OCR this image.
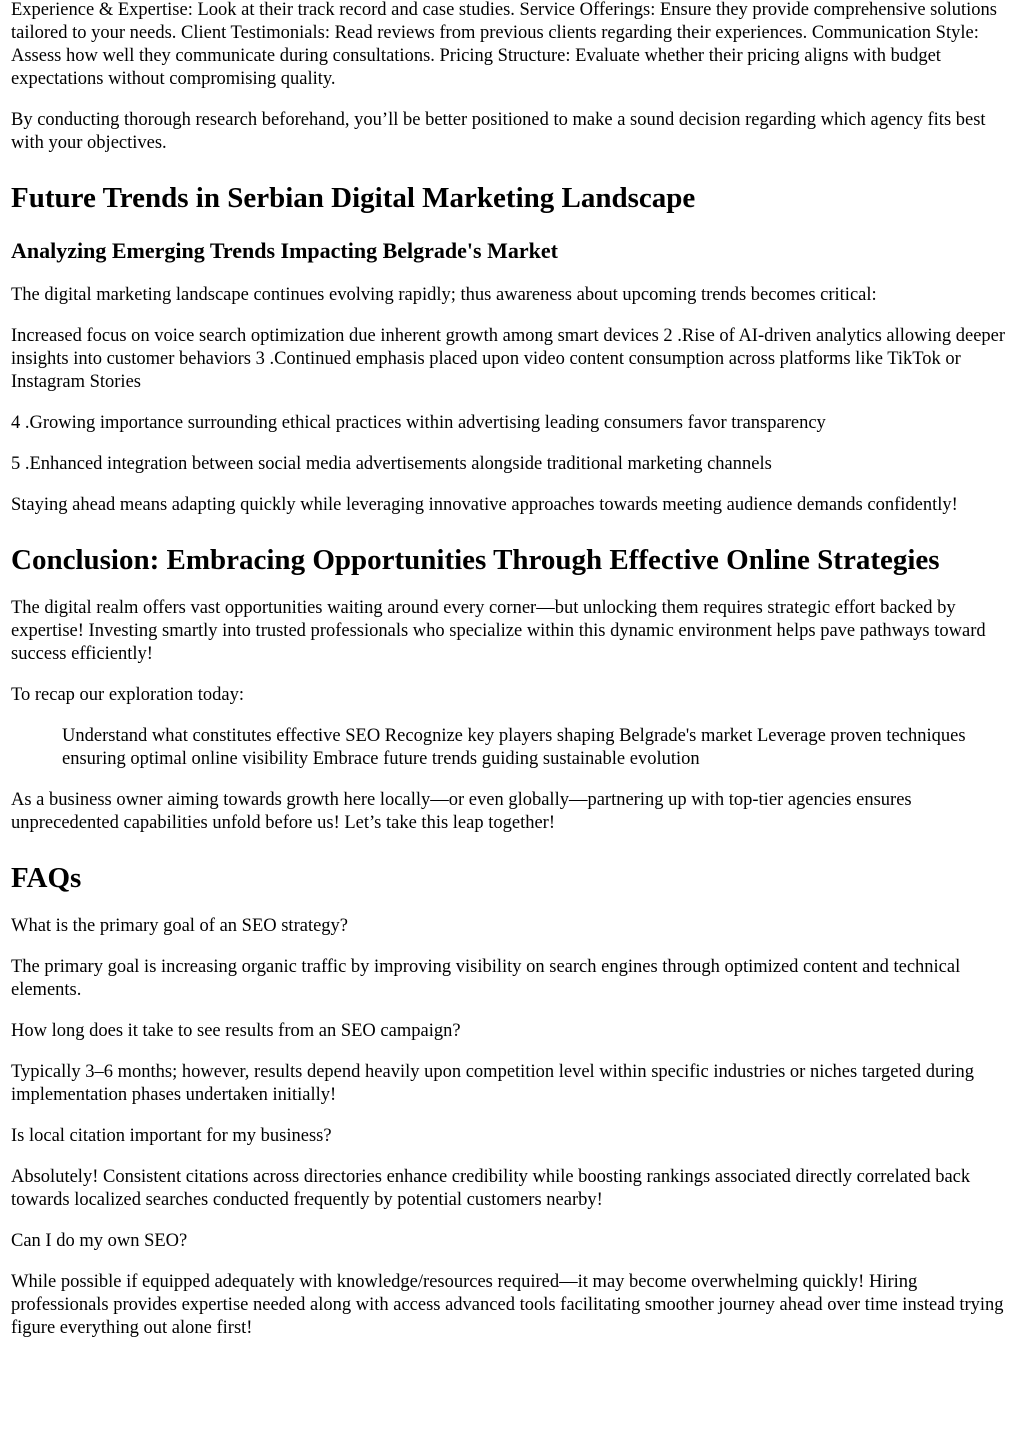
Experience & Expertise: Look at their track record and case studies. Service Offerings: Ensure they provide comprehensive solutions tailored to your needs. Client Testimonials: Read reviews from previous clients regarding their experiences. Communication Style: Assess how well they communicate during consultations. Pricing Structure: Evaluate whether their pricing aligns with budget expectations without compromising quality.

By conducting thorough research beforehand, you’ll be better positioned to make a sound decision regarding which agency fits best with your objectives.

Future Trends in Serbian Digital Marketing Landscape
Analyzing Emerging Trends Impacting Belgrade's Market

The digital marketing landscape continues evolving rapidly; thus awareness about upcoming trends becomes critical:

Increased focus on voice search optimization due inherent growth among smart devices 2 .Rise of AI-driven analytics allowing deeper insights into customer behaviors 3 .Continued emphasis placed upon video content consumption across platforms like TikTok or Instagram Stories

4 .Growing importance surrounding ethical practices within advertising leading consumers favor transparency

5 .Enhanced integration between social media advertisements alongside traditional marketing channels

Staying ahead means adapting quickly while leveraging innovative approaches towards meeting audience demands confidently!

Conclusion: Embracing Opportunities Through Effective Online Strategies

The digital realm offers vast opportunities waiting around every corner—but unlocking them requires strategic effort backed by expertise! Investing smartly into trusted professionals who specialize within this dynamic environment helps pave pathways toward success efficiently!

To recap our exploration today:

Understand what constitutes effective SEO Recognize key players shaping Belgrade's market Leverage proven techniques ensuring optimal online visibility Embrace future trends guiding sustainable evolution

As a business owner aiming towards growth here locally—or even globally—partnering up with top-tier agencies ensures unprecedented capabilities unfold before us! Let’s take this leap together!

FAQs

What is the primary goal of an SEO strategy?

The primary goal is increasing organic traffic by improving visibility on search engines through optimized content and technical elements.

How long does it take to see results from an SEO campaign?

Typically 3–6 months; however, results depend heavily upon competition level within specific industries or niches targeted during implementation phases undertaken initially!

Is local citation important for my business?

Absolutely! Consistent citations across directories enhance credibility while boosting rankings associated directly correlated back towards localized searches conducted frequently by potential customers nearby!

Can I do my own SEO?

While possible if equipped adequately with knowledge/resources required—it may become overwhelming quickly! Hiring professionals provides expertise needed along with access advanced tools facilitating smoother journey ahead over time instead trying figure everything out alone first!
